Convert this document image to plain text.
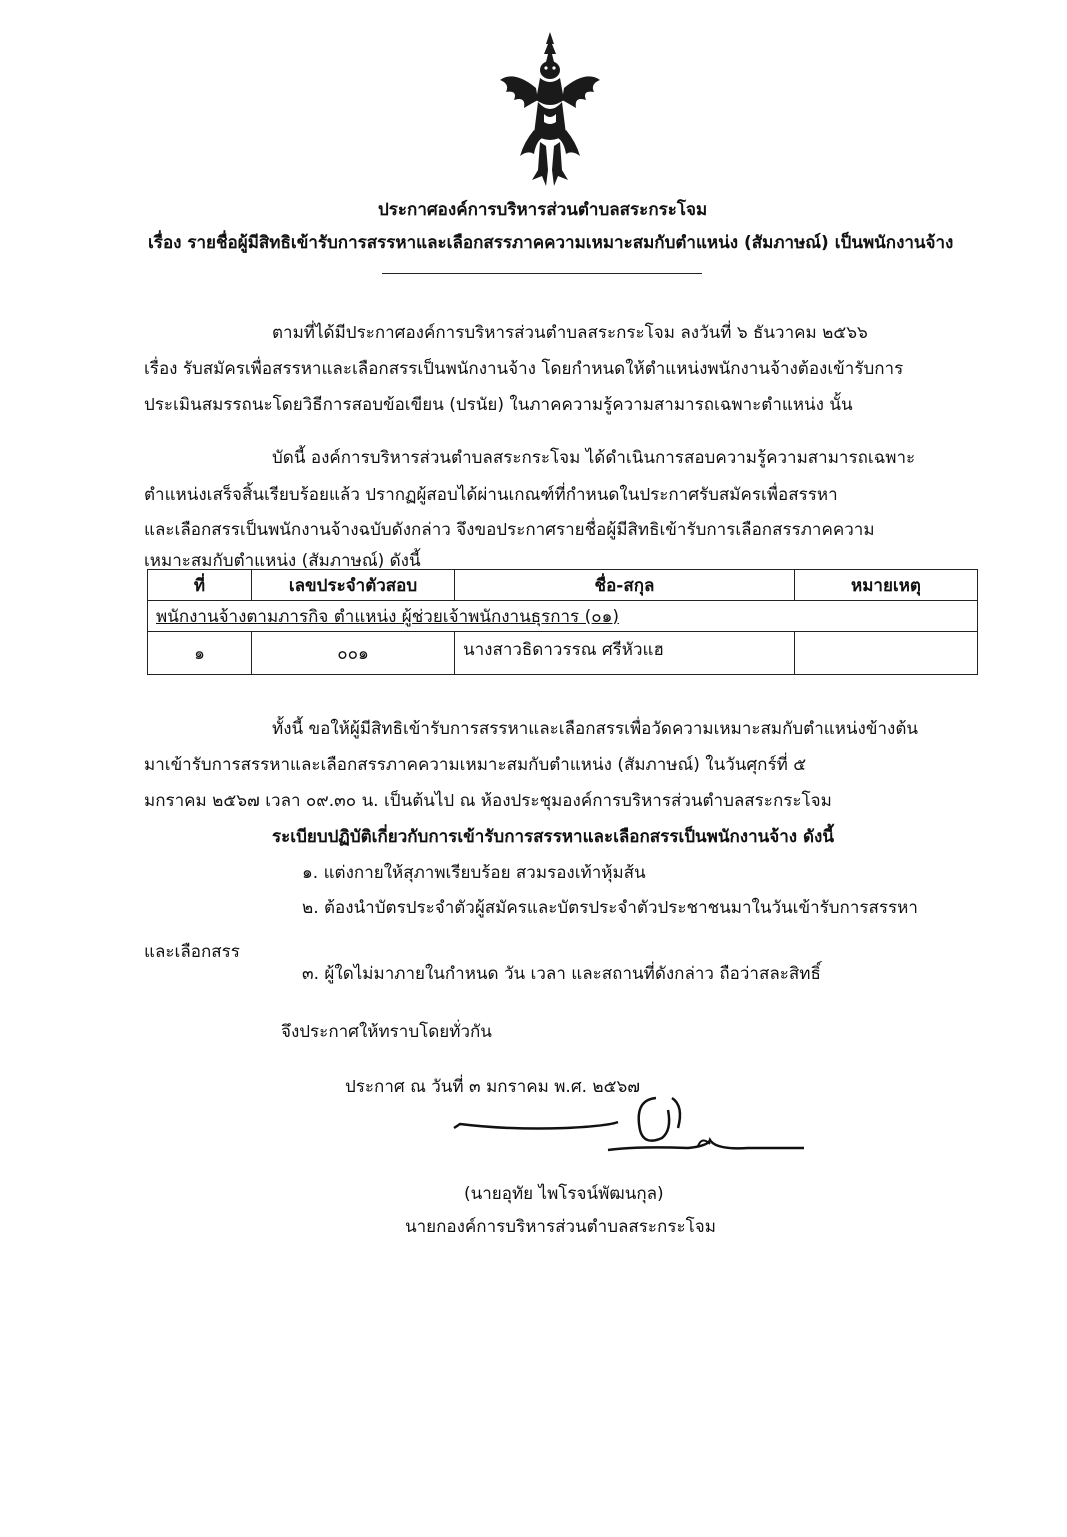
ประกาศองค์การบริหารส่วนตำบลสระกระโจม
เรื่อง รายชื่อผู้มีสิทธิเข้ารับการสรรหาและเลือกสรรภาคความเหมาะสมกับตำแหน่ง (สัมภาษณ์) เป็นพนักงานจ้าง
ตามที่ได้มีประกาศองค์การบริหารส่วนตำบลสระกระโจม ลงวันที่ ๖ ธันวาคม ๒๕๖๖
เรื่อง รับสมัครเพื่อสรรหาและเลือกสรรเป็นพนักงานจ้าง โดยกำหนดให้ตำแหน่งพนักงานจ้างต้องเข้ารับการ
ประเมินสมรรถนะโดยวิธีการสอบข้อเขียน (ปรนัย) ในภาคความรู้ความสามารถเฉพาะตำแหน่ง นั้น
บัดนี้ องค์การบริหารส่วนตำบลสระกระโจม ได้ดำเนินการสอบความรู้ความสามารถเฉพาะ
ตำแหน่งเสร็จสิ้นเรียบร้อยแล้ว ปรากฏผู้สอบได้ผ่านเกณฑ์ที่กำหนดในประกาศรับสมัครเพื่อสรรหา
และเลือกสรรเป็นพนักงานจ้างฉบับดังกล่าว จึงขอประกาศรายชื่อผู้มีสิทธิเข้ารับการเลือกสรรภาคความ
เหมาะสมกับตำแหน่ง (สัมภาษณ์) ดังนี้
ที่	เลขประจำตัวสอบ	ชื่อ-สกุล	หมายเหตุ
พนักงานจ้างตามภารกิจ ตำแหน่ง ผู้ช่วยเจ้าพนักงานธุรการ (๐๑)			
๑	๐๐๑	นางสาวธิดาวรรณ ศรีหัวแฮ	
ทั้งนี้ ขอให้ผู้มีสิทธิเข้ารับการสรรหาและเลือกสรรเพื่อวัดความเหมาะสมกับตำแหน่งข้างต้น
มาเข้ารับการสรรหาและเลือกสรรภาคความเหมาะสมกับตำแหน่ง (สัมภาษณ์) ในวันศุกร์ที่ ๕
มกราคม ๒๕๖๗ เวลา ๐๙.๓๐ น. เป็นต้นไป ณ ห้องประชุมองค์การบริหารส่วนตำบลสระกระโจม
ระเบียบปฏิบัติเกี่ยวกับการเข้ารับการสรรหาและเลือกสรรเป็นพนักงานจ้าง ดังนี้
๑. แต่งกายให้สุภาพเรียบร้อย สวมรองเท้าหุ้มส้น
๒. ต้องนำบัตรประจำตัวผู้สมัครและบัตรประจำตัวประชาชนมาในวันเข้ารับการสรรหา
และเลือกสรร
๓. ผู้ใดไม่มาภายในกำหนด วัน เวลา และสถานที่ดังกล่าว ถือว่าสละสิทธิ์
จึงประกาศให้ทราบโดยทั่วกัน
ประกาศ ณ วันที่ ๓ มกราคม พ.ศ. ๒๕๖๗
(นายอุทัย ไพโรจน์พัฒนกุล)
นายกองค์การบริหารส่วนตำบลสระกระโจม
